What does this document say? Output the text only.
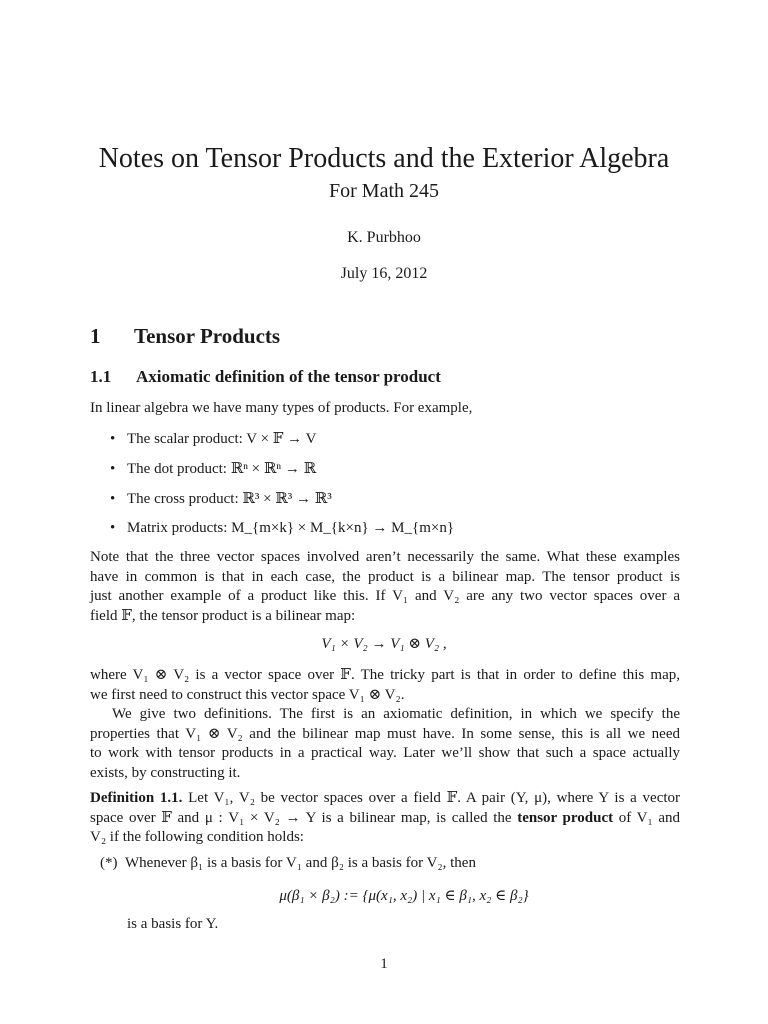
Notes on Tensor Products and the Exterior Algebra
For Math 245
K. Purbhoo
July 16, 2012
1 Tensor Products
1.1 Axiomatic definition of the tensor product
In linear algebra we have many types of products. For example,
• The scalar product: V × 𝔽 → V
• The dot product: ℝⁿ × ℝⁿ → ℝ
• The cross product: ℝ³ × ℝ³ → ℝ³
• Matrix products: M_{m×k} × M_{k×n} → M_{m×n}
Note that the three vector spaces involved aren’t necessarily the same. What these examples
have in common is that in each case, the product is a bilinear map. The tensor product is
just another example of a product like this. If V₁ and V₂ are any two vector spaces over a
field 𝔽, the tensor product is a bilinear map:
V₁ × V₂ → V₁ ⊗ V₂ ,
where V₁ ⊗ V₂ is a vector space over 𝔽. The tricky part is that in order to define this map,
we first need to construct this vector space V₁ ⊗ V₂.
We give two definitions. The first is an axiomatic definition, in which we specify the
properties that V₁ ⊗ V₂ and the bilinear map must have. In some sense, this is all we need
to work with tensor products in a practical way. Later we’ll show that such a space actually
exists, by constructing it.
Definition 1.1. Let V₁, V₂ be vector spaces over a field 𝔽. A pair (Y, μ), where Y is a vector
space over 𝔽 and μ : V₁ × V₂ → Y is a bilinear map, is called the tensor product of V₁ and
V₂ if the following condition holds:
(*) Whenever β₁ is a basis for V₁ and β₂ is a basis for V₂, then
μ(β₁ × β₂) := {μ(x₁, x₂) | x₁ ∈ β₁, x₂ ∈ β₂}
is a basis for Y.
1
